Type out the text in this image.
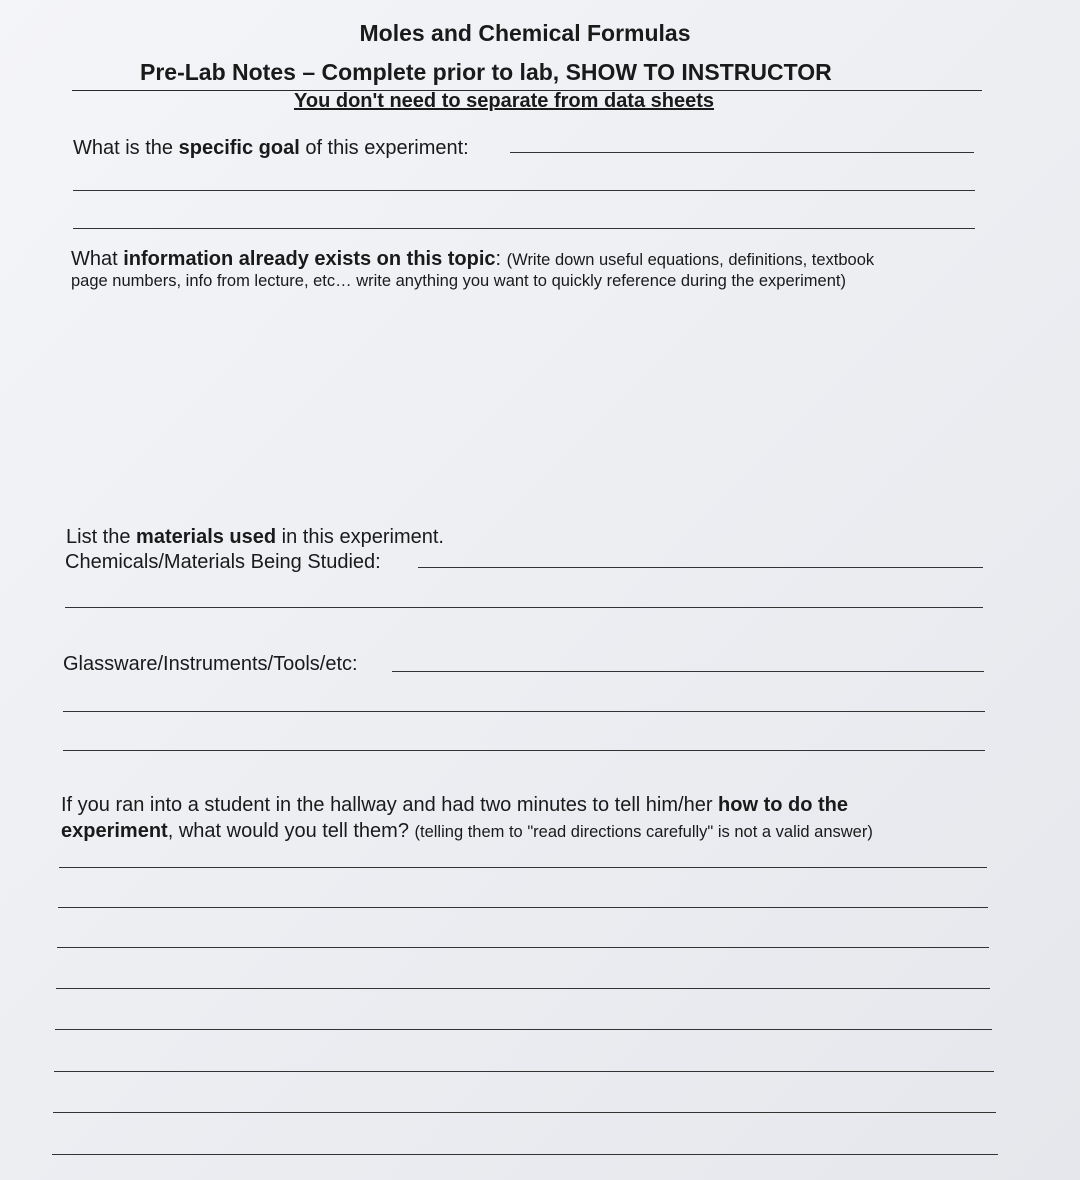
Moles and Chemical Formulas
Pre-Lab Notes – Complete prior to lab, SHOW TO INSTRUCTOR
You don't need to separate from data sheets
What is the specific goal of this experiment:
What information already exists on this topic: (Write down useful equations, definitions, textbook
page numbers, info from lecture, etc… write anything you want to quickly reference during the experiment)
List the materials used in this experiment.
Chemicals/Materials Being Studied:
Glassware/Instruments/Tools/etc:
If you ran into a student in the hallway and had two minutes to tell him/her how to do the
experiment, what would you tell them? (telling them to "read directions carefully" is not a valid answer)
